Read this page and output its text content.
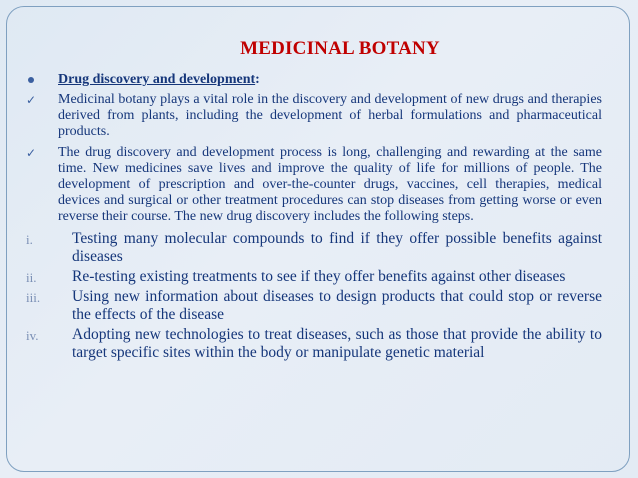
MEDICINAL BOTANY
Drug discovery and development:
✓ Medicinal botany plays a vital role in the discovery and development of new drugs and therapies derived from plants, including the development of herbal formulations and pharmaceutical products.
✓ The drug discovery and development process is long, challenging and rewarding at the same time. New medicines save lives and improve the quality of life for millions of people. The development of prescription and over-the-counter drugs, vaccines, cell therapies, medical devices and surgical or other treatment procedures can stop diseases from getting worse or even reverse their course. The new drug discovery includes the following steps.
i.	Testing many molecular compounds to find if they offer possible benefits against diseases
ii. Re-testing existing treatments to see if they offer benefits against other diseases
iii. Using new information about diseases to design products that could stop or reverse the effects of the disease
iv. Adopting new technologies to treat diseases, such as those that provide the ability to target specific sites within the body or manipulate genetic material
